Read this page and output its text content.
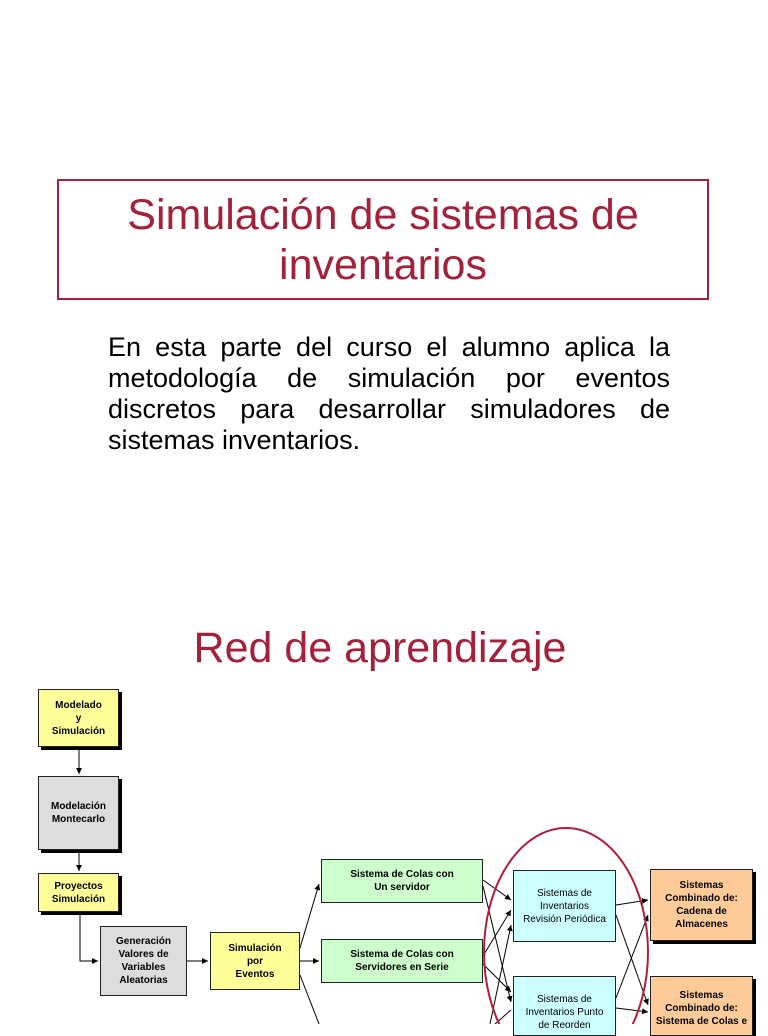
Simulación de sistemas de inventarios
En esta parte del curso el alumno aplica la metodología de simulación por eventos discretos para desarrollar simuladores de sistemas inventarios.
Red de aprendizaje
Modelado
y
Simulación
Modelación
Montecarlo
Proyectos
Simulación
Generación
Valores de
Variables
Aleatorias
Simulación
por
Eventos
Sistema de Colas con
Un servidor
Sistema de Colas con
Servidores en Serie
Sistemas de
Inventarios
Revisión Periódica
Sistemas de
Inventarios Punto
de Reorden
Sistemas
Combinado de:
Cadena de
Almacenes
Sistemas
Combinado de:
Sistema de Colas e
